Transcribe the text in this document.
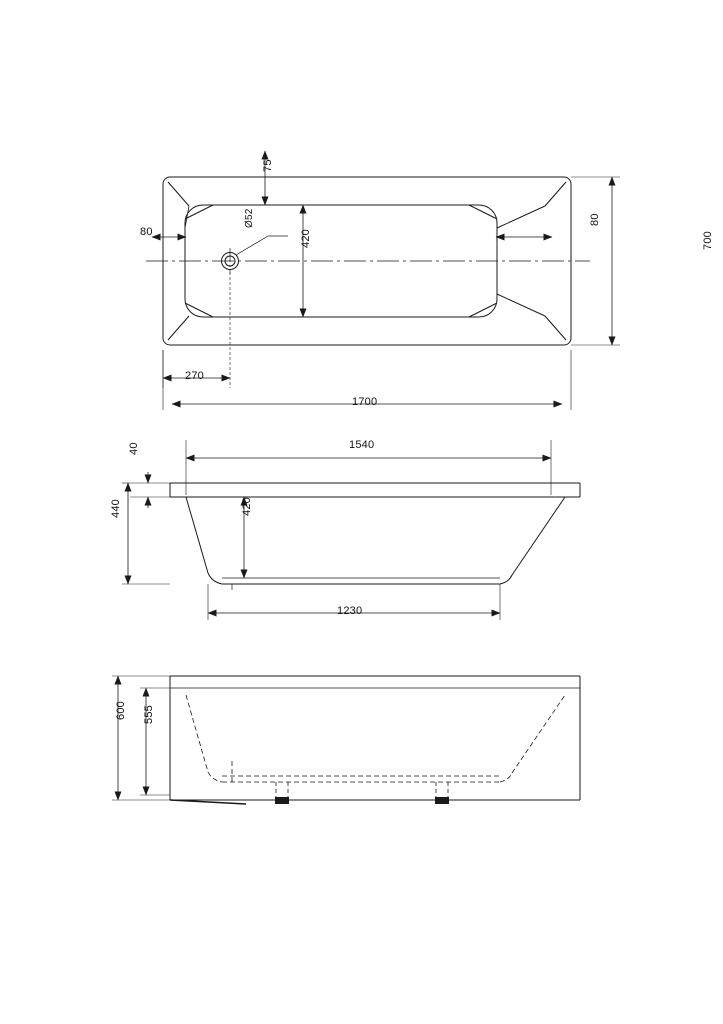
75
80
80
420	700
270
1700
Ø52
1540
40
440	420
1230
600 555
